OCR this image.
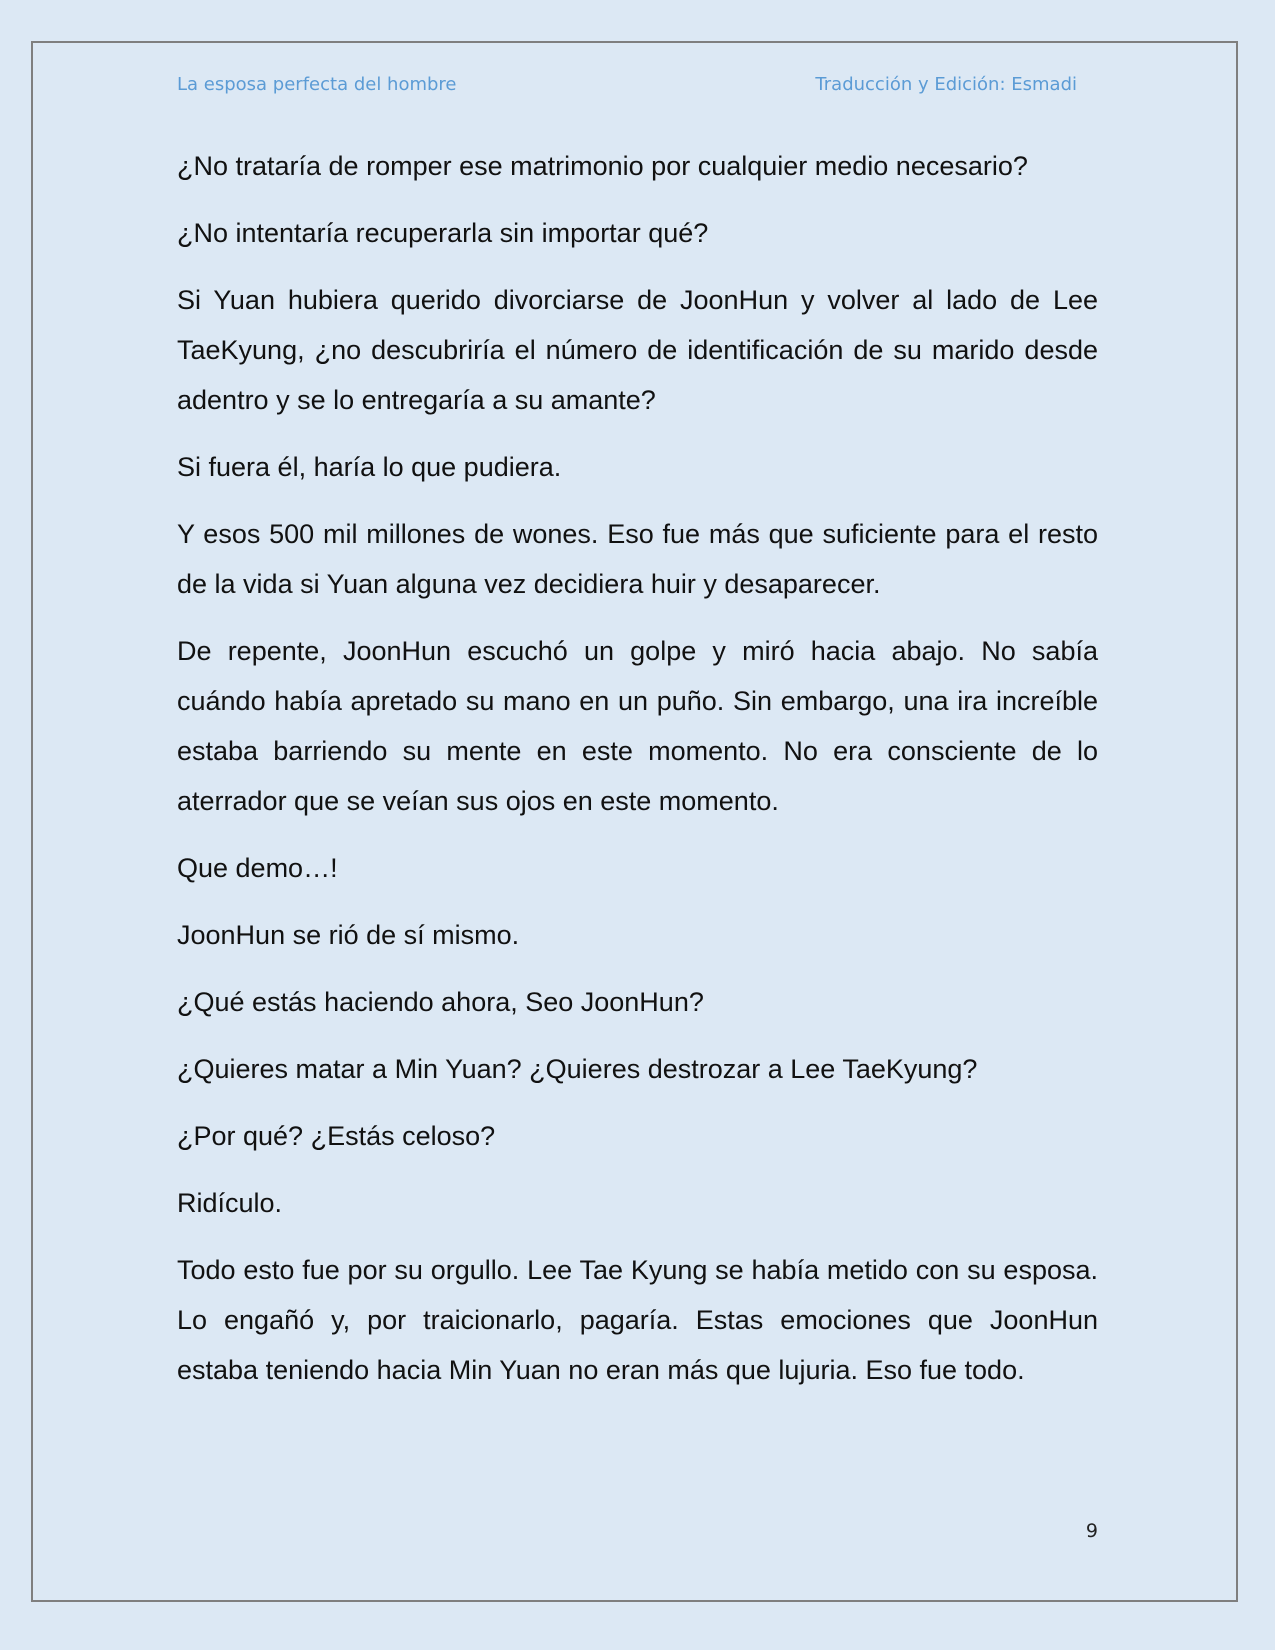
La esposa perfecta del hombre	Traducción y Edición: Esmadi

¿No trataría de romper ese matrimonio por cualquier medio necesario?

¿No intentaría recuperarla sin importar qué?

Si Yuan hubiera querido divorciarse de JoonHun y volver al lado de Lee TaeKyung, ¿no descubriría el número de identificación de su marido desde adentro y se lo entregaría a su amante?

Si fuera él, haría lo que pudiera.

Y esos 500 mil millones de wones. Eso fue más que suficiente para el resto de la vida si Yuan alguna vez decidiera huir y desaparecer.

De repente, JoonHun escuchó un golpe y miró hacia abajo. No sabía cuándo había apretado su mano en un puño. Sin embargo, una ira increíble estaba barriendo su mente en este momento. No era consciente de lo aterrador que se veían sus ojos en este momento.

Que demo…!

JoonHun se rió de sí mismo.

¿Qué estás haciendo ahora, Seo JoonHun?

¿Quieres matar a Min Yuan? ¿Quieres destrozar a Lee TaeKyung?

¿Por qué? ¿Estás celoso?

Ridículo.

Todo esto fue por su orgullo. Lee Tae Kyung se había metido con su esposa. Lo engañó y, por traicionarlo, pagaría. Estas emociones que JoonHun estaba teniendo hacia Min Yuan no eran más que lujuria. Eso fue todo.

9
